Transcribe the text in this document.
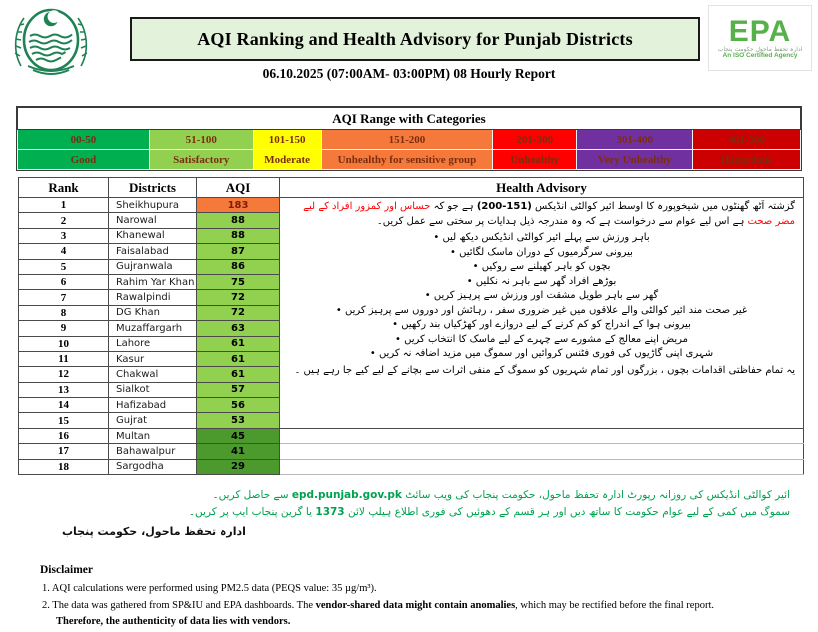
AQI Ranking and Health Advisory for Punjab Districts	EPA
ادارہ تحفظ ماحول حکومت پنجاب
An ISO Certified Agency
06.10.2025 (07:00AM- 03:00PM) 08 Hourly Report
AQI Range with Categories						
00-50	51-100	101-150	151-200	201-300	301-400	401-500
Good	Satisfactory	Moderate	Unhealthy for sensitive group	Unhealthy	Very Unhealthy	Hazardous
Rank	Districts	AQI	Health Advisory
1	Sheikhupura	183	گزشتہ آٹھ گھنٹوں میں شیخوپورہ کا اوسط ائیر کوالٹی انڈیکس (151-200) ہے جو کہ حساس اور کمزور افراد کے لیے مضر صحت ہے اس لیے عوام سے درخواست ہے کہ وہ مندرجہ ذیل ہدایات پر سختی سے عمل کریں۔
باہر ورزش سے پہلے ائیر کوالٹی انڈیکس دیکھ لیں •
بیرونی سرگرمیوں کے دوران ماسک لگائیں •
بچوں کو باہر کھیلنے سے روکیں •
بوڑھے افراد گھر سے باہر نہ نکلیں •
گھر سے باہر طویل مشقت اور ورزش سے پرہیز کریں •
غیر صحت مند ائیر کوالٹی والے علاقوں میں غیر ضروری سفر ، رہائش اور دوروں سے پرہیز کریں •
بیرونی ہوا کے اندراج کو کم کرنے کے لیے دروازے اور کھڑکیاں بند رکھیں •
مریض اپنے معالج کے مشورے سے چہرے کے لیے ماسک کا انتخاب کریں •
شہری اپنی گاڑیوں کی فوری فٹنس کروائیں اور سموگ میں مزید اضافہ نہ کریں •
یہ تمام حفاظتی اقدامات بچوں ، بزرگوں اور تمام شہریوں کو سموگ کے منفی اثرات سے بچانے کے لیے کیے جا رہے ہیں ۔

2	Narowal	88	
3	Khanewal	88	
4	Faisalabad	87	
5	Gujranwala	86	
6	Rahim Yar Khan	75	
7	Rawalpindi	72	
8	DG Khan	72	
9	Muzaffargarh	63	
10	Lahore	61	
11	Kasur	61	
12	Chakwal	61	
13	Sialkot	57	
14	Hafizabad	56	
15	Gujrat	53	
16	Multan	45	
17	Bahawalpur	41	
18	Sargodha	29	
ائیر کوالٹی انڈیکس کی روزانہ رپورٹ ادارہ تحفظ ماحول، حکومت پنجاب کی ویب سائٹ epd.punjab.gov.pk سے حاصل کریں۔
سموگ میں کمی کے لیے عوام حکومت کا ساتھ دیں اور ہر قسم کے دھوئیں کی فوری اطلاع ہیلپ لائن 1373 یا گرین پنجاب ایپ پر کریں۔
ادارہ تحفظ ماحول، حکومت پنجاب
Disclaimer
1. AQI calculations were performed using PM2.5 data (PEQS value: 35 µg/m³).
2. The data was gathered from SP&IU and EPA dashboards. The vendor-shared data might contain anomalies, which may be rectified before the final report.
Therefore, the authenticity of data lies with vendors.
